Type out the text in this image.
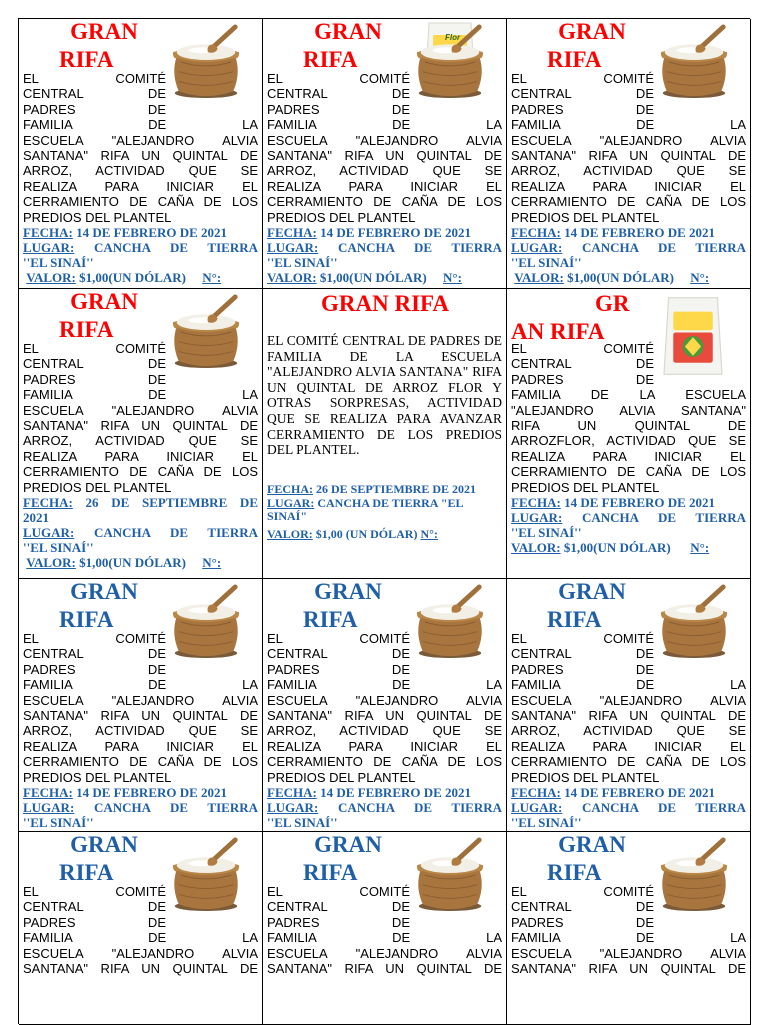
GRAN
RIFA
EL COMITÉ
CENTRAL DE
PADRES DE
FAMILIA DE LA
ESCUELA "ALEJANDRO ALVIA
SANTANA" RIFA UN QUINTAL DE
ARROZ, ACTIVIDAD QUE SE
REALIZA PARA INICIAR EL
CERRAMIENTO DE CAÑA DE LOS
PREDIOS DEL PLANTEL
FECHA: 14 DE FEBRERO DE 2021
LUGAR: CANCHA DE TIERRA
''EL SINAÍ''
VALOR: $1,00(UN DÓLAR) N°:
GRAN
RIFA
EL COMITÉ
CENTRAL DE
PADRES DE
FAMILIA DE LA
ESCUELA "ALEJANDRO ALVIA
SANTANA" RIFA UN QUINTAL DE
ARROZ, ACTIVIDAD QUE SE
REALIZA PARA INICIAR EL
CERRAMIENTO DE CAÑA DE LOS
PREDIOS DEL PLANTEL
FECHA: 14 DE FEBRERO DE 2021
LUGAR: CANCHA DE TIERRA
''EL SINAÍ''
VALOR: $1,00(UN DÓLAR) N°:
GRAN
RIFA
EL COMITÉ
CENTRAL DE
PADRES DE
FAMILIA DE LA
ESCUELA "ALEJANDRO ALVIA
SANTANA" RIFA UN QUINTAL DE
ARROZ, ACTIVIDAD QUE SE
REALIZA PARA INICIAR EL
CERRAMIENTO DE CAÑA DE LOS
PREDIOS DEL PLANTEL
FECHA: 14 DE FEBRERO DE 2021
LUGAR: CANCHA DE TIERRA
''EL SINAÍ''
VALOR: $1,00(UN DÓLAR) N°:
GRAN
RIFA
EL COMITÉ
CENTRAL DE
PADRES DE
FAMILIA DE LA
ESCUELA "ALEJANDRO ALVIA
SANTANA" RIFA UN QUINTAL DE
ARROZ, ACTIVIDAD QUE SE
REALIZA PARA INICIAR EL
CERRAMIENTO DE CAÑA DE LOS
PREDIOS DEL PLANTEL
FECHA: 26 DE SEPTIEMBRE DE
2021
LUGAR: CANCHA DE TIERRA
''EL SINAÍ''
VALOR: $1,00(UN DÓLAR) N°:
GRAN RIFA
EL COMITÉ CENTRAL DE PADRES DE FAMILIA DE LA ESCUELA "ALEJANDRO ALVIA SANTANA" RIFA UN QUINTAL DE ARROZ FLOR Y OTRAS SORPRESAS, ACTIVIDAD QUE SE REALIZA PARA AVANZAR CERRAMIENTO DE LOS PREDIOS DEL PLANTEL.
FECHA: 26 DE SEPTIEMBRE DE 2021
LUGAR: CANCHA DE TIERRA "EL SINAÍ"
VALOR: $1,00 (UN DÓLAR) N°:
GR
AN RIFA
EL COMITÉ
CENTRAL DE
PADRES DE
FAMILIA DE LA ESCUELA
"ALEJANDRO ALVIA SANTANA"
RIFA UN QUINTAL DE
ARROZFLOR, ACTIVIDAD QUE SE
REALIZA PARA INICIAR EL
CERRAMIENTO DE CAÑA DE LOS
PREDIOS DEL PLANTEL
FECHA: 14 DE FEBRERO DE 2021
LUGAR: CANCHA DE TIERRA
''EL SINAÍ''
VALOR: $1,00(UN DÓLAR) N°:
GRAN
RIFA
EL COMITÉ
CENTRAL DE
PADRES DE
FAMILIA DE LA
ESCUELA "ALEJANDRO ALVIA
SANTANA" RIFA UN QUINTAL DE
ARROZ, ACTIVIDAD QUE SE
REALIZA PARA INICIAR EL
CERRAMIENTO DE CAÑA DE LOS
PREDIOS DEL PLANTEL
FECHA: 14 DE FEBRERO DE 2021
LUGAR: CANCHA DE TIERRA
''EL SINAÍ''

GRAN
RIFA
EL COMITÉ
CENTRAL DE
PADRES DE
FAMILIA DE LA
ESCUELA "ALEJANDRO ALVIA
SANTANA" RIFA UN QUINTAL DE
ARROZ, ACTIVIDAD QUE SE
REALIZA PARA INICIAR EL
CERRAMIENTO DE CAÑA DE LOS
PREDIOS DEL PLANTEL
FECHA: 14 DE FEBRERO DE 2021
LUGAR: CANCHA DE TIERRA
''EL SINAÍ''

GRAN
RIFA
EL COMITÉ
CENTRAL DE
PADRES DE
FAMILIA DE LA
ESCUELA "ALEJANDRO ALVIA
SANTANA" RIFA UN QUINTAL DE
ARROZ, ACTIVIDAD QUE SE
REALIZA PARA INICIAR EL
CERRAMIENTO DE CAÑA DE LOS
PREDIOS DEL PLANTEL
FECHA: 14 DE FEBRERO DE 2021
LUGAR: CANCHA DE TIERRA
''EL SINAÍ''

GRAN
RIFA
EL COMITÉ
CENTRAL DE
PADRES DE
FAMILIA DE LA
ESCUELA "ALEJANDRO ALVIA
SANTANA" RIFA UN QUINTAL DE
GRAN
RIFA
EL COMITÉ
CENTRAL DE
PADRES DE
FAMILIA DE LA
ESCUELA "ALEJANDRO ALVIA
SANTANA" RIFA UN QUINTAL DE
GRAN
RIFA
EL COMITÉ
CENTRAL DE
PADRES DE
FAMILIA DE LA
ESCUELA "ALEJANDRO ALVIA
SANTANA" RIFA UN QUINTAL DE
Flor
